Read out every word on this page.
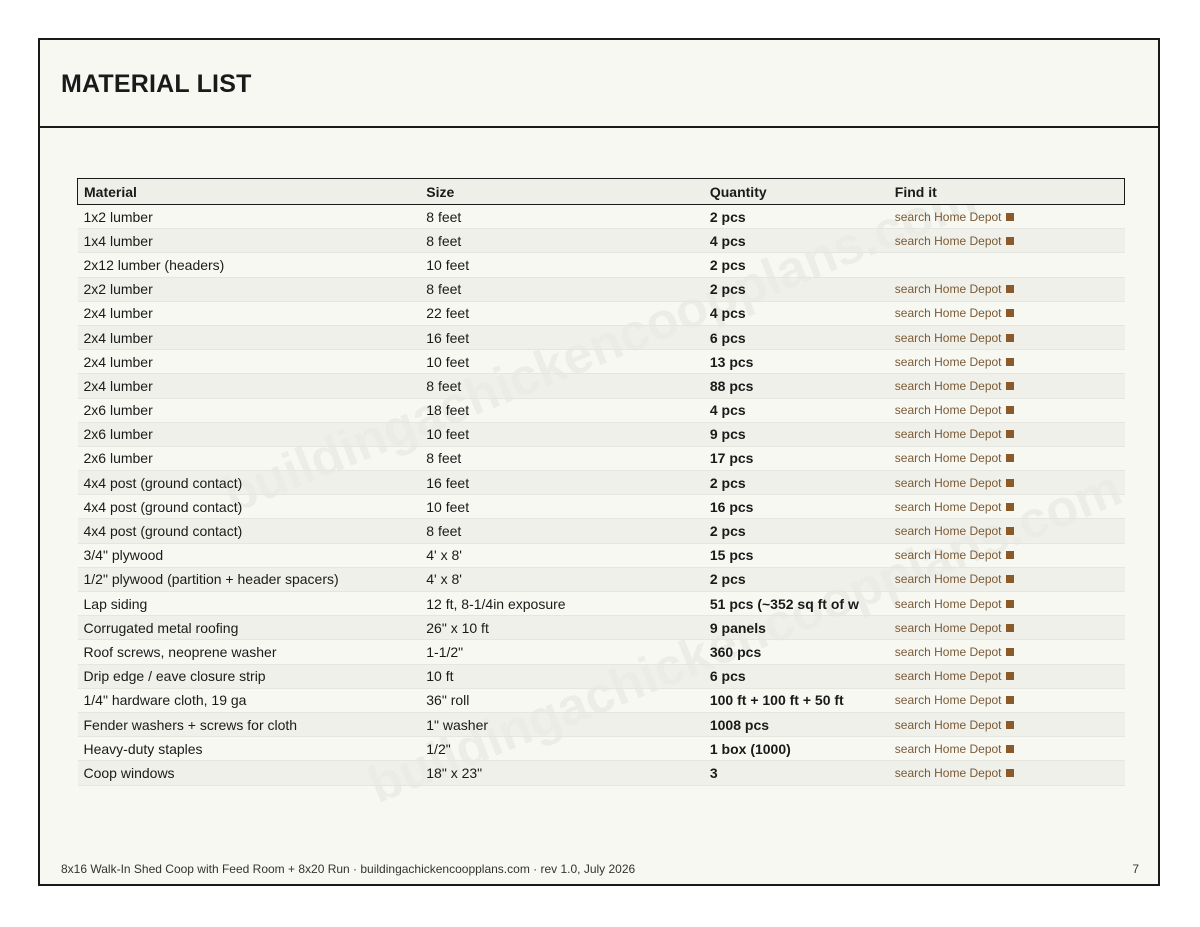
MATERIAL LIST
Material	Size	Quantity	Find it
1x2 lumber	8 feet	2 pcs	search Home Depot
1x4 lumber	8 feet	4 pcs	search Home Depot
2x12 lumber (headers)	10 feet	2 pcs	
2x2 lumber	8 feet	2 pcs	search Home Depot
2x4 lumber	22 feet	4 pcs	search Home Depot
2x4 lumber	16 feet	6 pcs	search Home Depot
2x4 lumber	10 feet	13 pcs	search Home Depot
2x4 lumber	8 feet	88 pcs	search Home Depot
2x6 lumber	18 feet	4 pcs	search Home Depot
2x6 lumber	10 feet	9 pcs	search Home Depot
2x6 lumber	8 feet	17 pcs	search Home Depot
4x4 post (ground contact)	16 feet	2 pcs	search Home Depot
4x4 post (ground contact)	10 feet	16 pcs	search Home Depot
4x4 post (ground contact)	8 feet	2 pcs	search Home Depot
3/4" plywood	4' x 8'	15 pcs	search Home Depot
1/2" plywood (partition + header spacers)	4' x 8'	2 pcs	search Home Depot
Lap siding	12 ft, 8-1/4in exposure	51 pcs (~352 sq ft of w	search Home Depot
Corrugated metal roofing	26" x 10 ft	9 panels	search Home Depot
Roof screws, neoprene washer	1-1/2"	360 pcs	search Home Depot
Drip edge / eave closure strip	10 ft	6 pcs	search Home Depot
1/4" hardware cloth, 19 ga	36" roll	100 ft + 100 ft + 50 ft	search Home Depot
Fender washers + screws for cloth	1" washer	1008 pcs	search Home Depot
Heavy-duty staples	1/2"	1 box (1000)	search Home Depot
Coop windows	18" x 23"	3	search Home Depot
8x16 Walk-In Shed Coop with Feed Room + 8x20 Run · buildingachickencoopplans.com · rev 1.0, July 2026	7
